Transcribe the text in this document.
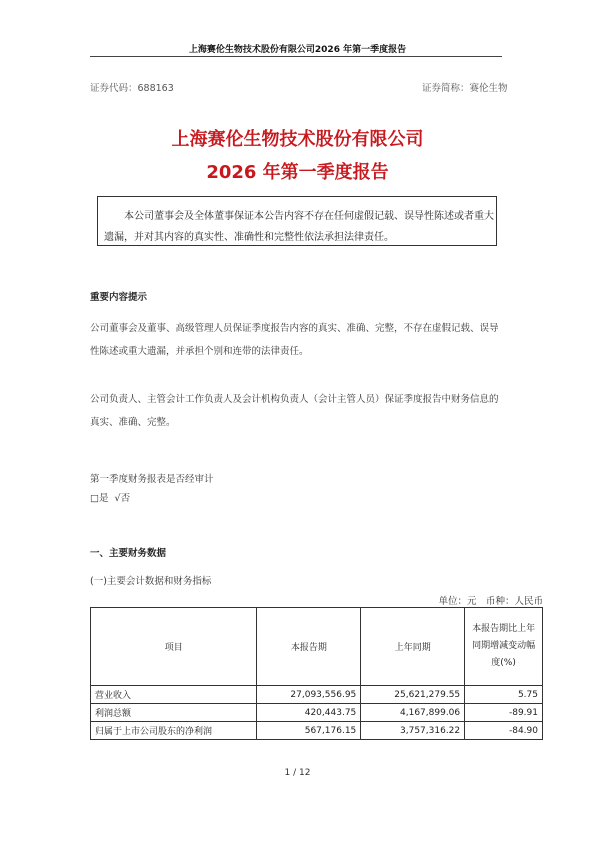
上海赛伦生物技术股份有限公司2026 年第一季度报告
证券代码：688163	证券简称：赛伦生物
上海赛伦生物技术股份有限公司
2026 年第一季度报告
本公司董事会及全体董事保证本公告内容不存在任何虚假记载、误导性陈述或者重大遗漏，并对其内容的真实性、准确性和完整性依法承担法律责任。
重要内容提示
公司董事会及董事、高级管理人员保证季度报告内容的真实、准确、完整，不存在虚假记载、误导性陈述或重大遗漏，并承担个别和连带的法律责任。
公司负责人、主管会计工作负责人及会计机构负责人（会计主管人员）保证季度报告中财务信息的真实、准确、完整。
第一季度财务报表是否经审计
□是  √否
一、主要财务数据
(一)主要会计数据和财务指标
单位：元　币种：人民币
项目	本报告期	上年同期	本报告期比上年同期增减变动幅度(%)
营业收入	27,093,556.95	25,621,279.55	5.75
利润总额	420,443.75	4,167,899.06	-89.91
归属于上市公司股东的净利润	567,176.15	3,757,316.22	-84.90
1 / 12
